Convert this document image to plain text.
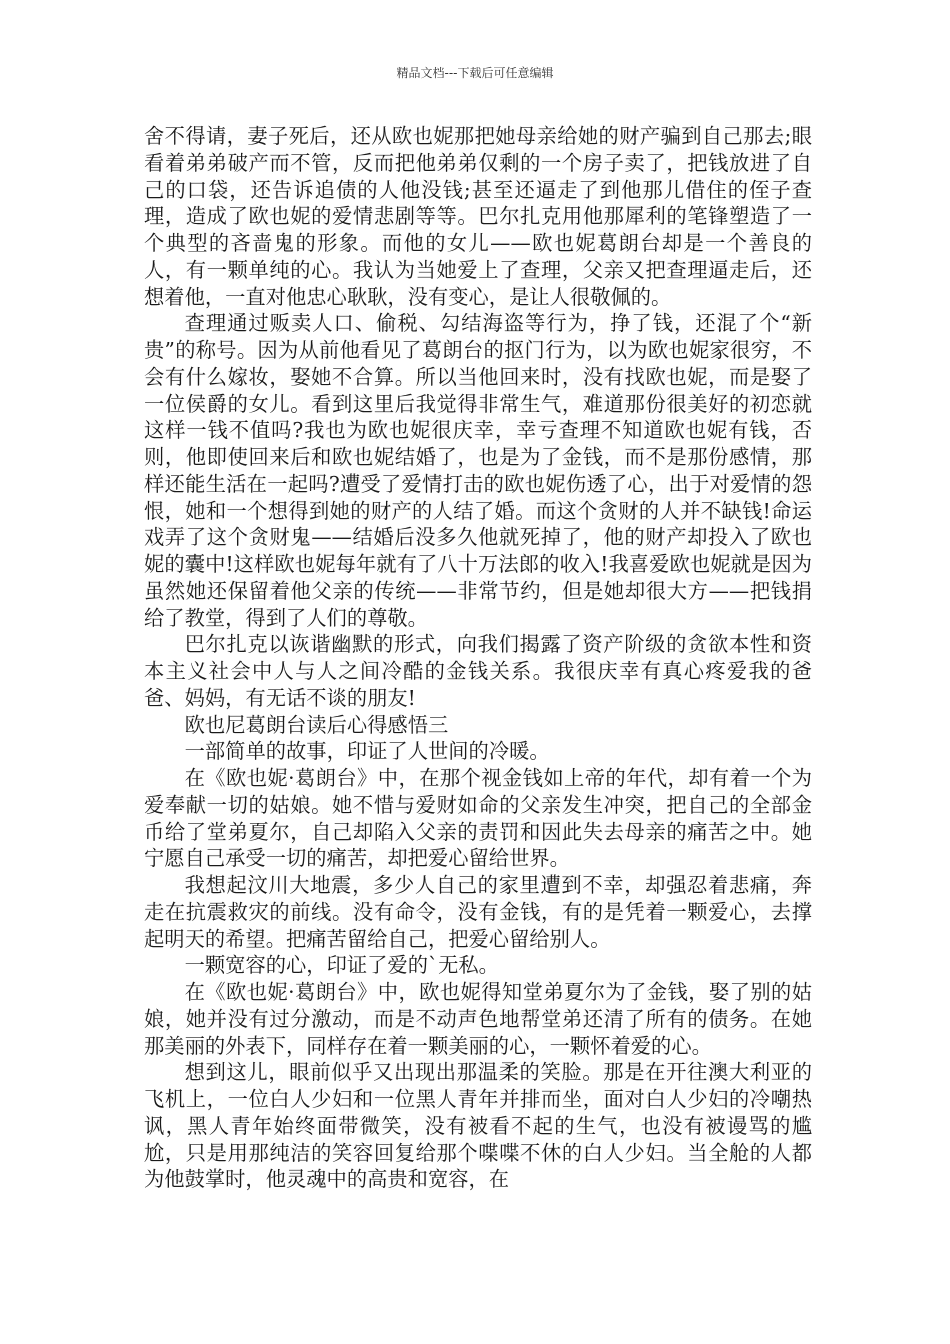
精品文档---下载后可任意编辑

舍不得请，妻子死后，还从欧也妮那把她母亲给她的财产骗到自己那去;眼看着弟弟破产而不管，反而把他弟弟仅剩的一个房子卖了，把钱放进了自己的口袋，还告诉追债的人他没钱;甚至还逼走了到他那儿借住的侄子查理，造成了欧也妮的爱情悲剧等等。巴尔扎克用他那犀利的笔锋塑造了一个典型的吝啬鬼的形象。而他的女儿——欧也妮葛朗台却是一个善良的人，有一颗单纯的心。我认为当她爱上了查理，父亲又把查理逼走后，还想着他，一直对他忠心耿耿，没有变心，是让人很敬佩的。

查理通过贩卖人口、偷税、勾结海盗等行为，挣了钱，还混了个“新贵”的称号。因为从前他看见了葛朗台的抠门行为，以为欧也妮家很穷，不会有什么嫁妆，娶她不合算。所以当他回来时，没有找欧也妮，而是娶了一位侯爵的女儿。看到这里后我觉得非常生气，难道那份很美好的初恋就这样一钱不值吗?我也为欧也妮很庆幸，幸亏查理不知道欧也妮有钱，否则，他即使回来后和欧也妮结婚了，也是为了金钱，而不是那份感情，那样还能生活在一起吗?遭受了爱情打击的欧也妮伤透了心，出于对爱情的怨恨，她和一个想得到她的财产的人结了婚。而这个贪财的人并不缺钱!命运戏弄了这个贪财鬼——结婚后没多久他就死掉了，他的财产却投入了欧也妮的囊中!这样欧也妮每年就有了八十万法郎的收入!我喜爱欧也妮就是因为虽然她还保留着他父亲的传统——非常节约，但是她却很大方——把钱捐给了教堂，得到了人们的尊敬。

巴尔扎克以诙谐幽默的形式，向我们揭露了资产阶级的贪欲本性和资本主义社会中人与人之间冷酷的金钱关系。我很庆幸有真心疼爱我的爸爸、妈妈，有无话不谈的朋友!

欧也尼葛朗台读后心得感悟三

一部简单的故事，印证了人世间的冷暖。

在《欧也妮·葛朗台》中，在那个视金钱如上帝的年代，却有着一个为爱奉献一切的姑娘。她不惜与爱财如命的父亲发生冲突，把自己的全部金币给了堂弟夏尔，自己却陷入父亲的责罚和因此失去母亲的痛苦之中。她宁愿自己承受一切的痛苦，却把爱心留给世界。

我想起汶川大地震，多少人自己的家里遭到不幸，却强忍着悲痛，奔走在抗震救灾的前线。没有命令，没有金钱，有的是凭着一颗爱心，去撑起明天的希望。把痛苦留给自己，把爱心留给别人。

一颗宽容的心，印证了爱的`无私。

在《欧也妮·葛朗台》中，欧也妮得知堂弟夏尔为了金钱，娶了别的姑娘，她并没有过分激动，而是不动声色地帮堂弟还清了所有的债务。在她那美丽的外表下，同样存在着一颗美丽的心，一颗怀着爱的心。

想到这儿，眼前似乎又出现出那温柔的笑脸。那是在开往澳大利亚的飞机上，一位白人少妇和一位黑人青年并排而坐，面对白人少妇的冷嘲热讽，黑人青年始终面带微笑，没有被看不起的生气，也没有被谩骂的尴尬，只是用那纯洁的笑容回复给那个喋喋不休的白人少妇。当全舱的人都为他鼓掌时，他灵魂中的高贵和宽容，在
